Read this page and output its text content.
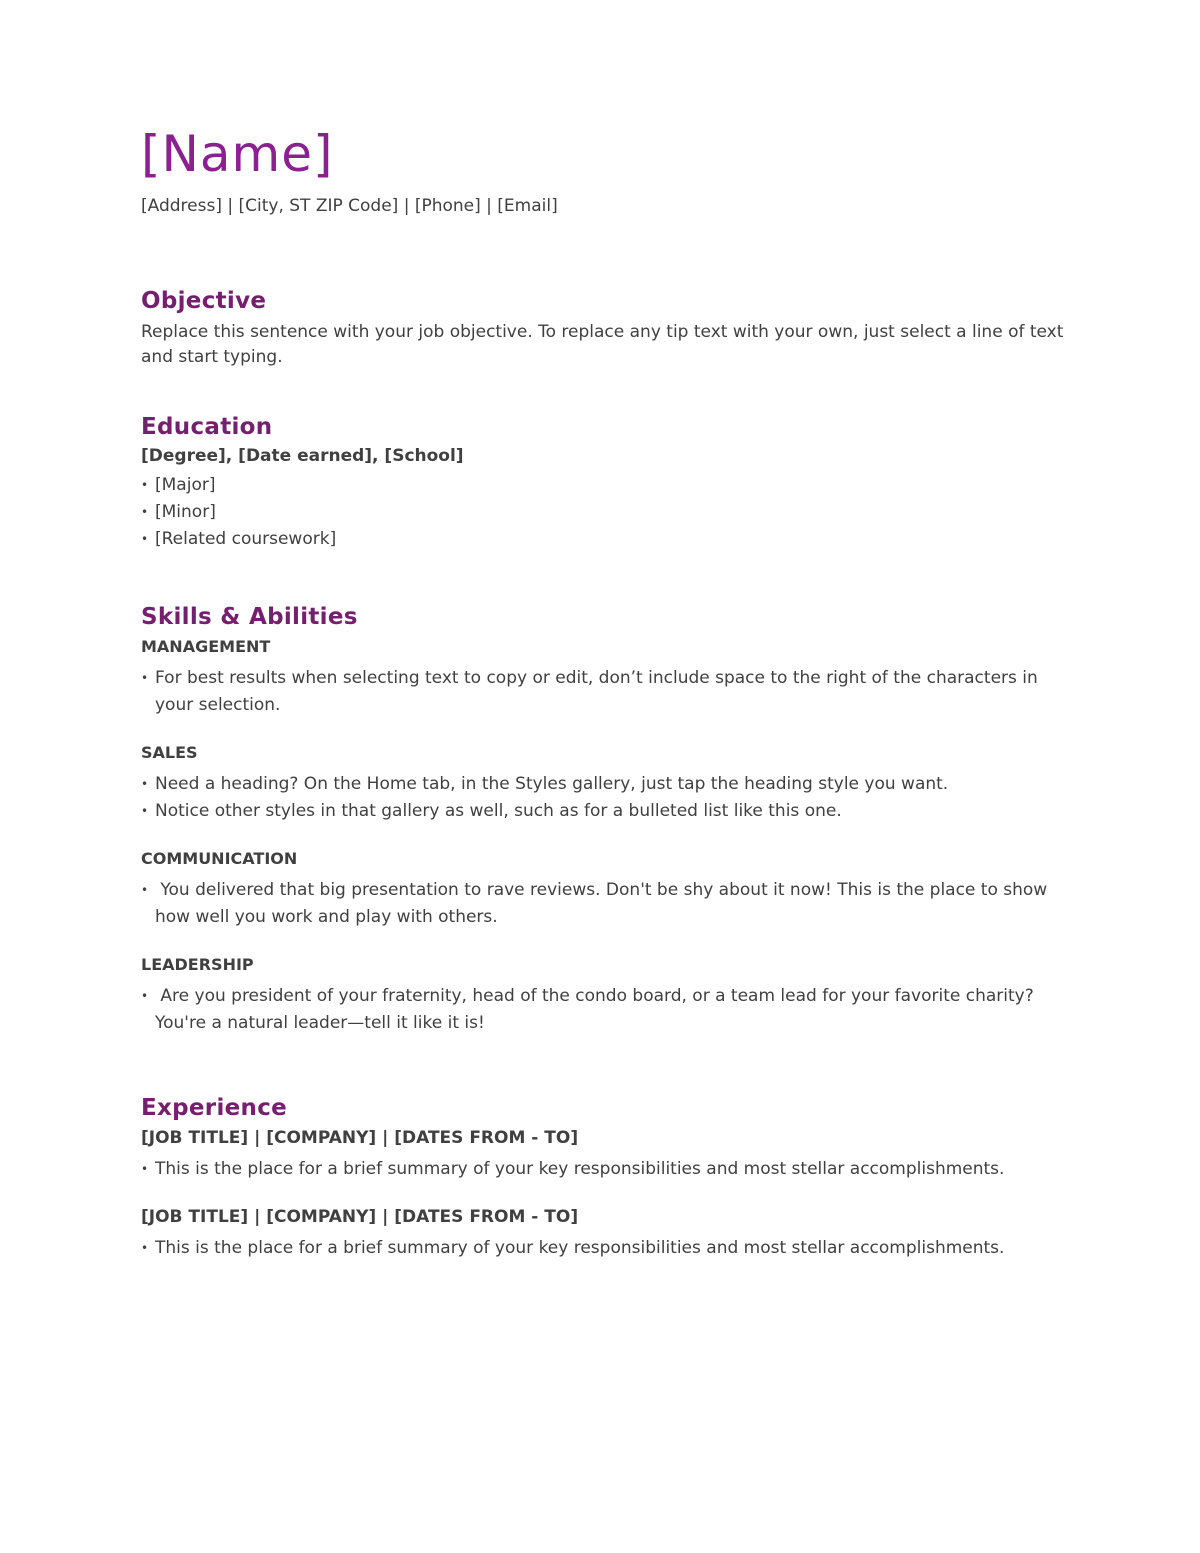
[Name]
[Address] | [City, ST ZIP Code] | [Phone] | [Email]
Objective

Replace this sentence with your job objective. To replace any tip text with your own, just select a line of text and start typing.

Education
[Degree], [Date earned], [School]
• [Major]
• [Minor]
• [Related coursework]
Skills & Abilities
MANAGEMENT
• For best results when selecting text to copy or edit, don’t include space to the right of the characters in your selection.
SALES
• Need a heading? On the Home tab, in the Styles gallery, just tap the heading style you want.
• Notice other styles in that gallery as well, such as for a bulleted list like this one.
COMMUNICATION
• You delivered that big presentation to rave reviews. Don't be shy about it now! This is the place to show how well you work and play with others.
LEADERSHIP
• Are you president of your fraternity, head of the condo board, or a team lead for your favorite charity? You're a natural leader—tell it like it is!
Experience
[JOB TITLE] | [COMPANY] | [DATES FROM - TO]
• This is the place for a brief summary of your key responsibilities and most stellar accomplishments.
[JOB TITLE] | [COMPANY] | [DATES FROM - TO]
• This is the place for a brief summary of your key responsibilities and most stellar accomplishments.
